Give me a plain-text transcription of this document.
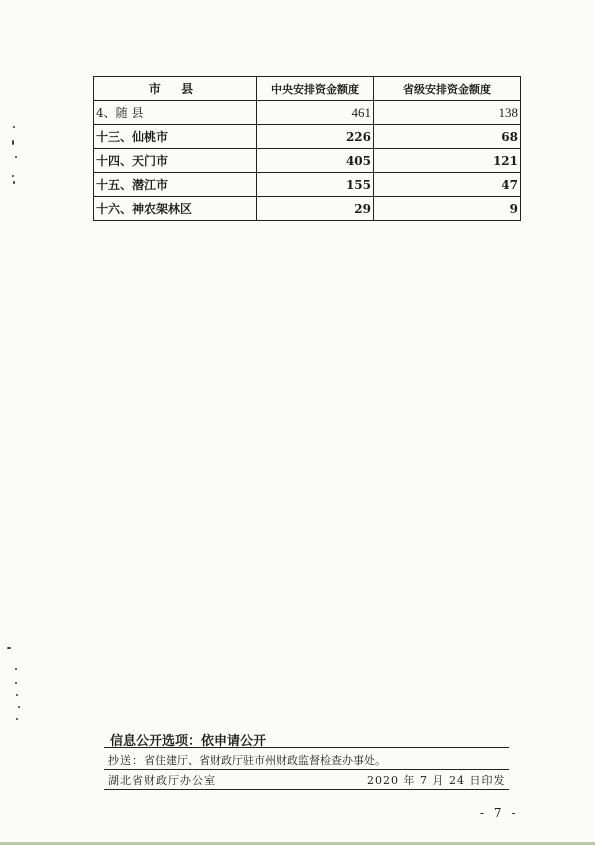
市 县	中央安排资金额度	省级安排资金额度
4、随 县	461	138
十三、仙桃市	226	68
十四、天门市	405	121
十五、潜江市	155	47
十六、神农架林区	29	9
信息公开选项：依申请公开
抄送：省住建厅、省财政厅驻市州财政监督检查办事处。
湖北省财政厅办公室	2020 年 7 月 24 日印发
- 7 -
